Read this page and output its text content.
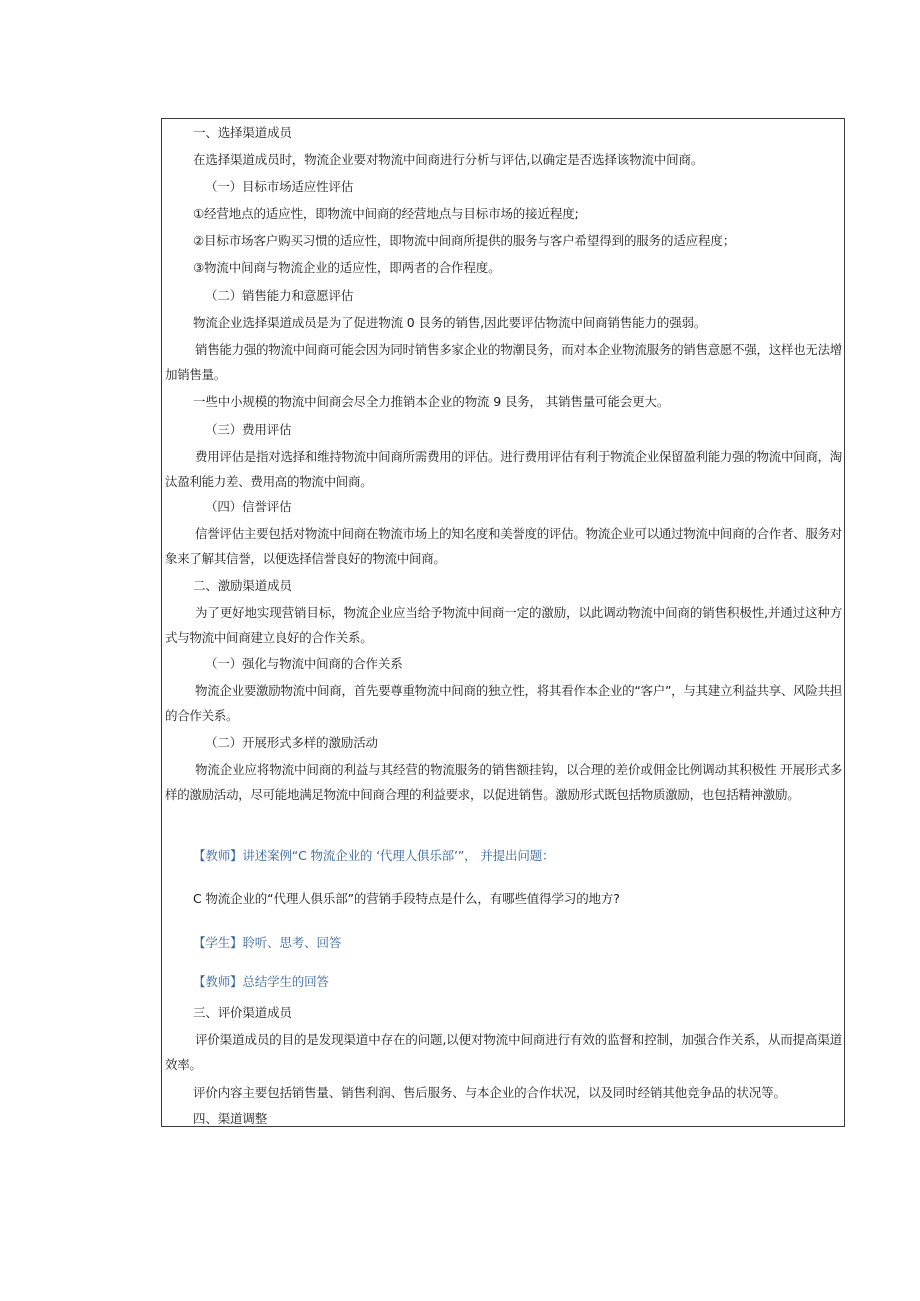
一、选择渠道成员

在选择渠道成员时，物流企业要对物流中间商进行分析与评估,以确定是否选择该物流中间商。

（一）目标市场适应性评估

①经营地点的适应性，即物流中间商的经营地点与目标市场的接近程度;

②目标市场客户购买习惯的适应性，即物流中间商所提供的服务与客户希望得到的服务的适应程度；

③物流中间商与物流企业的适应性，即两者的合作程度。

（二）销售能力和意愿评估

物流企业选择渠道成员是为了促进物流 0 艮务的销售,因此要评估物流中间商销售能力的强弱。

销售能力强的物流中间商可能会因为同时销售多家企业的物潮艮务，而对本企业物流服务的销售意愿不强，这样也无法增加销售量。

一些中小规模的物流中间商会尽全力推销本企业的物流 9 艮务， 其销售量可能会更大。

（三）费用评估

费用评估是指对选择和维持物流中间商所需费用的评估。进行费用评估有利于物流企业保留盈利能力强的物流中间商，淘汰盈利能力差、费用高的物流中间商。

（四）信誉评估

信誉评估主要包括对物流中间商在物流市场上的知名度和美誉度的评估。物流企业可以通过物流中间商的合作者、服务对象来了解其信誉，以便选择信誉良好的物流中间商。

二、激励渠道成员

为了更好地实现营销目标，物流企业应当给予物流中间商一定的激励，以此调动物流中间商的销售积极性,并通过这种方式与物流中间商建立良好的合作关系。

（一）强化与物流中间商的合作关系

物流企业要激励物流中间商，首先要尊重物流中间商的独立性，将其看作本企业的“客户”，与其建立利益共享、风险共担的合作关系。

（二）开展形式多样的激励活动

物流企业应将物流中间商的利益与其经营的物流服务的销售额挂钩，以合理的差价或佣金比例调动其积极性 开展形式多样的激励活动，尽可能地满足物流中间商合理的利益要求，以促进销售。激励形式既包括物质激励，也包括精神激励。

【教师】讲述案例“C 物流企业的 ‘代理人俱乐部’”， 并提出问题：

C 物流企业的“代理人俱乐部”的营销手段特点是什么，有哪些值得学习的地方?

【学生】聆听、思考、回答

【教师】总结学生的回答

三、评价渠道成员

评价渠道成员的目的是发现渠道中存在的问题,以便对物流中间商进行有效的监督和控制，加强合作关系，从而提高渠道效率。

评价内容主要包括销售量、销售利润、售后服务、与本企业的合作状况，以及同时经销其他竞争品的状况等。

四、渠道调整
